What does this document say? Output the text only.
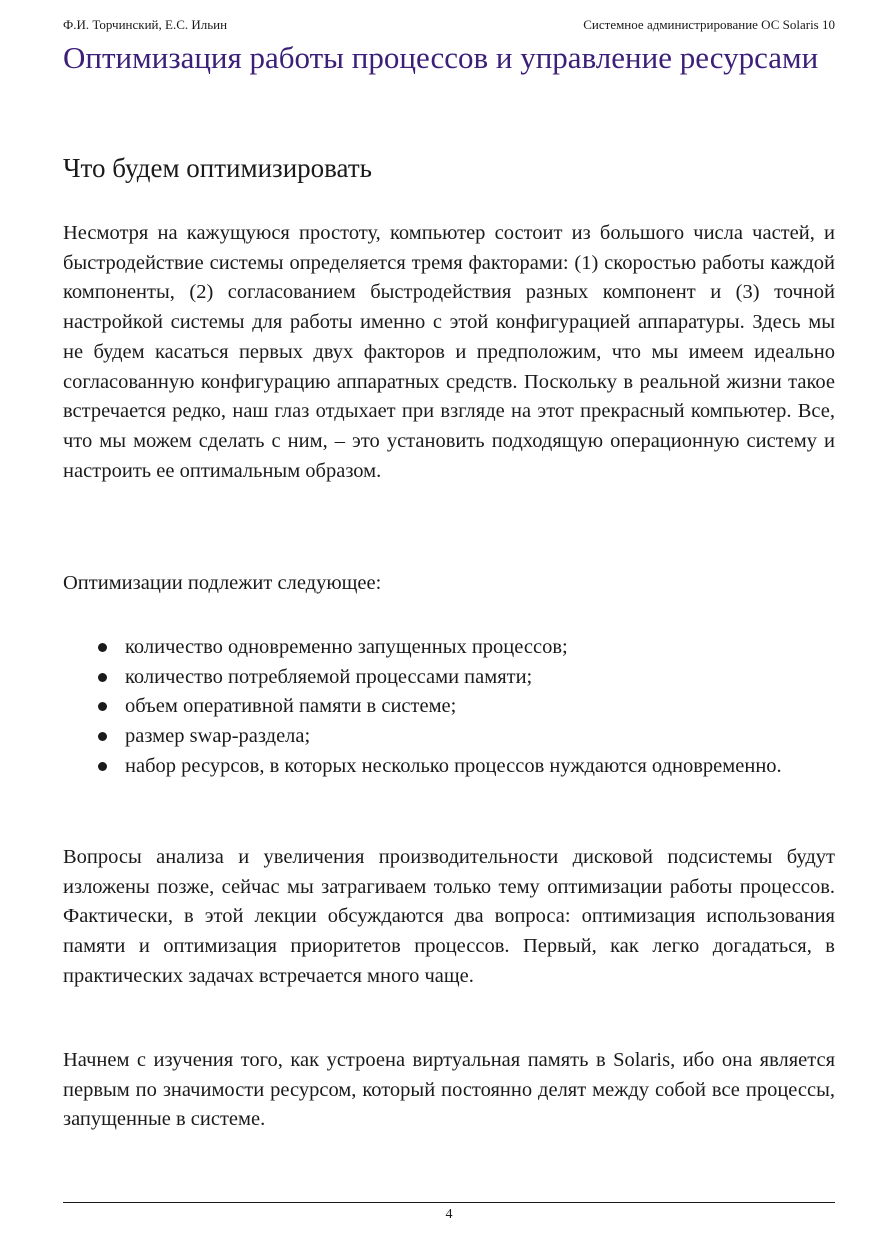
Ф.И. Торчинский, Е.С. Ильин	Системное администрирование ОС Solaris 10
Оптимизация работы процессов и управление ресурсами
Что будем оптимизировать

Несмотря на кажущуюся простоту, компьютер состоит из большого числа частей, и быстродействие системы определяется тремя факторами: (1) скоростью работы каждой компоненты, (2) согласованием быстродействия разных компонент и (3) точной настройкой системы для работы именно с этой конфигурацией аппаратуры. Здесь мы не будем касаться первых двух факторов и предположим, что мы имеем идеально согласованную конфигурацию аппаратных средств. Поскольку в реальной жизни такое встречается редко, наш глаз отдыхает при взгляде на этот прекрасный компьютер. Все, что мы можем сделать с ним, – это установить подходящую операционную систему и настроить ее оптимальным образом.

Оптимизации подлежит следующее:

количество одновременно запущенных процессов;
количество потребляемой процессами памяти;
объем оперативной памяти в системе;
размер swap-раздела;
набор ресурсов, в которых несколько процессов нуждаются одновременно.

Вопросы анализа и увеличения производительности дисковой подсистемы будут изложены позже, сейчас мы затрагиваем только тему оптимизации работы процессов. Фактически, в этой лекции обсуждаются два вопроса: оптимизация использования памяти и оптимизация приоритетов процессов. Первый, как легко догадаться, в практических задачах встречается много чаще.

Начнем с изучения того, как устроена виртуальная память в Solaris, ибо она является первым по значимости ресурсом, который постоянно делят между собой все процессы, запущенные в системе.

4
